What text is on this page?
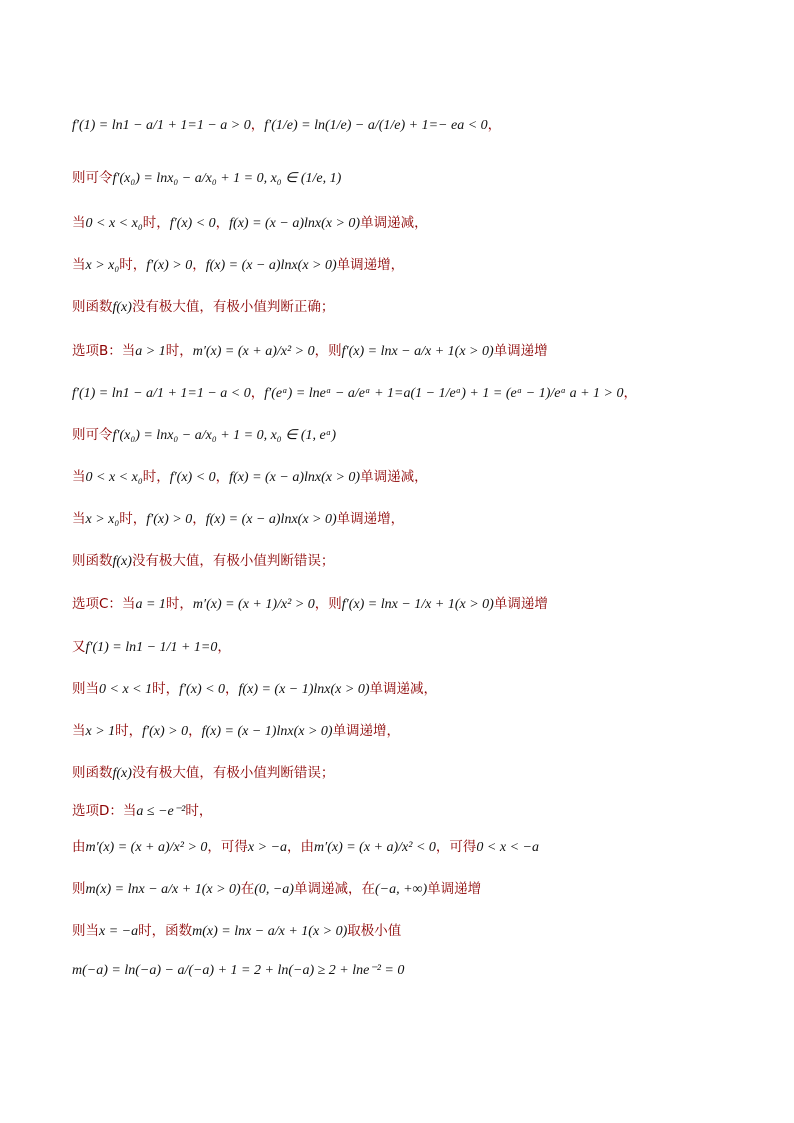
f′(1) = ln1 − a/1 + 1=1 − a > 0，f′(1/e) = ln(1/e) − a/(1/e) + 1=− ea < 0，
则可令f′(x₀) = lnx₀ − a/x₀ + 1 = 0, x₀ ∈ (1/e, 1)
当0 < x < x₀时，f′(x) < 0，f(x) = (x − a)lnx(x > 0)单调递减，
当x > x₀时，f′(x) > 0，f(x) = (x − a)lnx(x > 0)单调递增，
则函数f(x)没有极大值，有极小值判断正确；
选项B：当a > 1时，m′(x) = (x + a)/x² > 0，则f′(x) = lnx − a/x + 1(x > 0)单调递增
f′(1) = ln1 − a/1 + 1=1 − a < 0，f′(eᵃ) = lneᵃ − a/eᵃ + 1=a(1 − 1/eᵃ) + 1 = (eᵃ − 1)/eᵃ a + 1 > 0，
则可令f′(x₀) = lnx₀ − a/x₀ + 1 = 0, x₀ ∈ (1, eᵃ)
当0 < x < x₀时，f′(x) < 0，f(x) = (x − a)lnx(x > 0)单调递减，
当x > x₀时，f′(x) > 0，f(x) = (x − a)lnx(x > 0)单调递增，
则函数f(x)没有极大值，有极小值判断错误；
选项C：当a = 1时，m′(x) = (x + 1)/x² > 0，则f′(x) = lnx − 1/x + 1(x > 0)单调递增
又f′(1) = ln1 − 1/1 + 1=0，
则当0 < x < 1时，f′(x) < 0，f(x) = (x − 1)lnx(x > 0)单调递减，
当x > 1时，f′(x) > 0，f(x) = (x − 1)lnx(x > 0)单调递增，
则函数f(x)没有极大值，有极小值判断错误；
选项D：当a ≤ −e⁻²时，
由m′(x) = (x + a)/x² > 0，可得x > −a，由m′(x) = (x + a)/x² < 0，可得0 < x < −a
则m(x) = lnx − a/x + 1(x > 0)在(0, −a)单调递减，在(−a, +∞)单调递增
则当x = −a时，函数m(x) = lnx − a/x + 1(x > 0)取极小值
m(−a) = ln(−a) − a/(−a) + 1 = 2 + ln(−a) ≥ 2 + lne⁻² = 0
